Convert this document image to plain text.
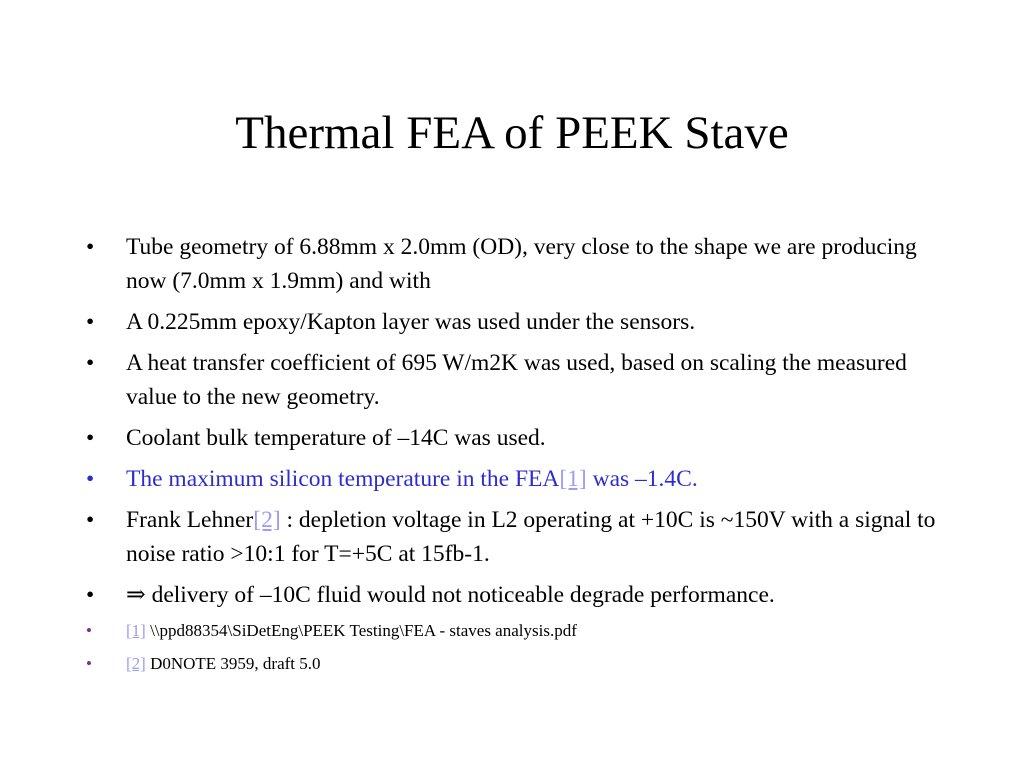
Thermal FEA of PEEK Stave
•	Tube geometry of 6.88mm x 2.0mm (OD), very close to the shape we are producing now (7.0mm x 1.9mm) and with
•	A 0.225mm epoxy/Kapton layer was used under the sensors.
•	A heat transfer coefficient of 695 W/m2K was used, based on scaling the measured value to the new geometry.
•	Coolant bulk temperature of –14C was used.
•	The maximum silicon temperature in the FEA[1] was –1.4C.
•	Frank Lehner[2] : depletion voltage in L2 operating at +10C is ~150V with a signal to noise ratio >10:1 for T=+5C at 15fb-1.
•	⇒ delivery of –10C fluid would not noticeable degrade performance.
•	[1] \\ppd88354\SiDetEng\PEEK Testing\FEA - staves analysis.pdf
•	[2] D0NOTE 3959, draft 5.0
